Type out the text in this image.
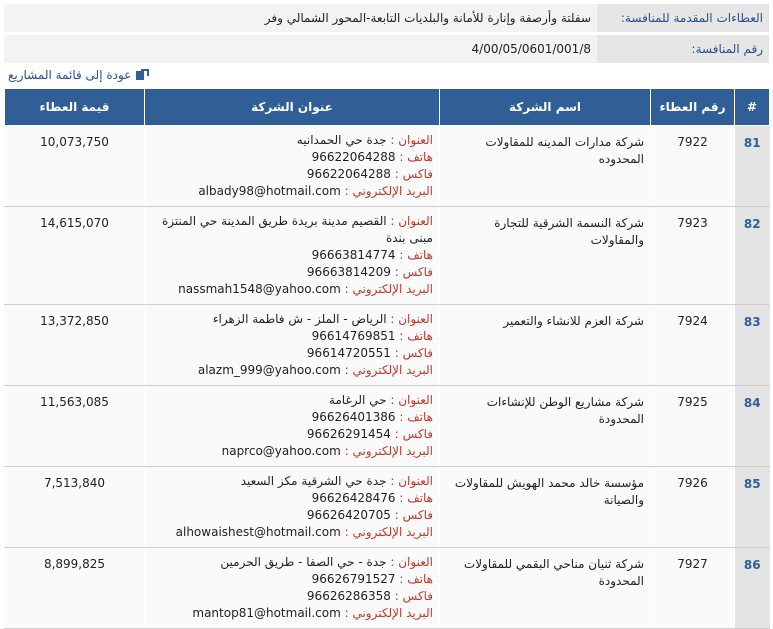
العطاءات المقدمة للمنافسة:	سفلتة وأرصفة وإنارة للأمانة والبلديات التابعة-المحور الشمالي وفر
رقم المنافسة:	4/00/05/0601/001/8
عودة إلى قائمة المشاريع
#	رقم العطاء	اسم الشركة	عنوان الشركة	قيمة العطاء
81	7922	شركة مدارات المدينه للمقاولات المحدوده	العنوان : جدة حي الحمدانيه
هاتف : 96622064288
فاكس : 96622064288
البريد الإلكتروني : albady98@hotmail.com	10,073,750
82	7923	شركة النسمة الشرقية للتجارة والمقاولات	العنوان : القصيم مدينة بريدة طريق المدينة حي المنتزة مبنى بندة
هاتف : 96663814774
فاكس : 96663814209
البريد الإلكتروني : nassmah1548@yahoo.com	14,615,070
83	7924	شركة العزم للانشاء والتعمير	العنوان : الرياض - الملز - ش فاطمة الزهراء
هاتف : 96614769851
فاكس : 96614720551
البريد الإلكتروني : alazm_999@yahoo.com	13,372,850
84	7925	شركة مشاريع الوطن للإنشاءات المحدودة	العنوان : حي الرغامة
هاتف : 96626401386
فاكس : 96626291454
البريد الإلكتروني : naprco@yahoo.com	11,563,085
85	7926	مؤسسة خالد محمد الهويش للمقاولات والصيانة	العنوان : جدة حي الشرقية مكز السعيد
هاتف : 96626428476
فاكس : 96626420705
البريد الإلكتروني : alhowaishest@hotmail.com	7,513,840
86	7927	شركة ثنيان مناحي البقمي للمقاولات المحدودة	العنوان : جدة - حي الصفا - طريق الحرمين
هاتف : 96626791527
فاكس : 96626286358
البريد الإلكتروني : mantop81@hotmail.com	8,899,825
